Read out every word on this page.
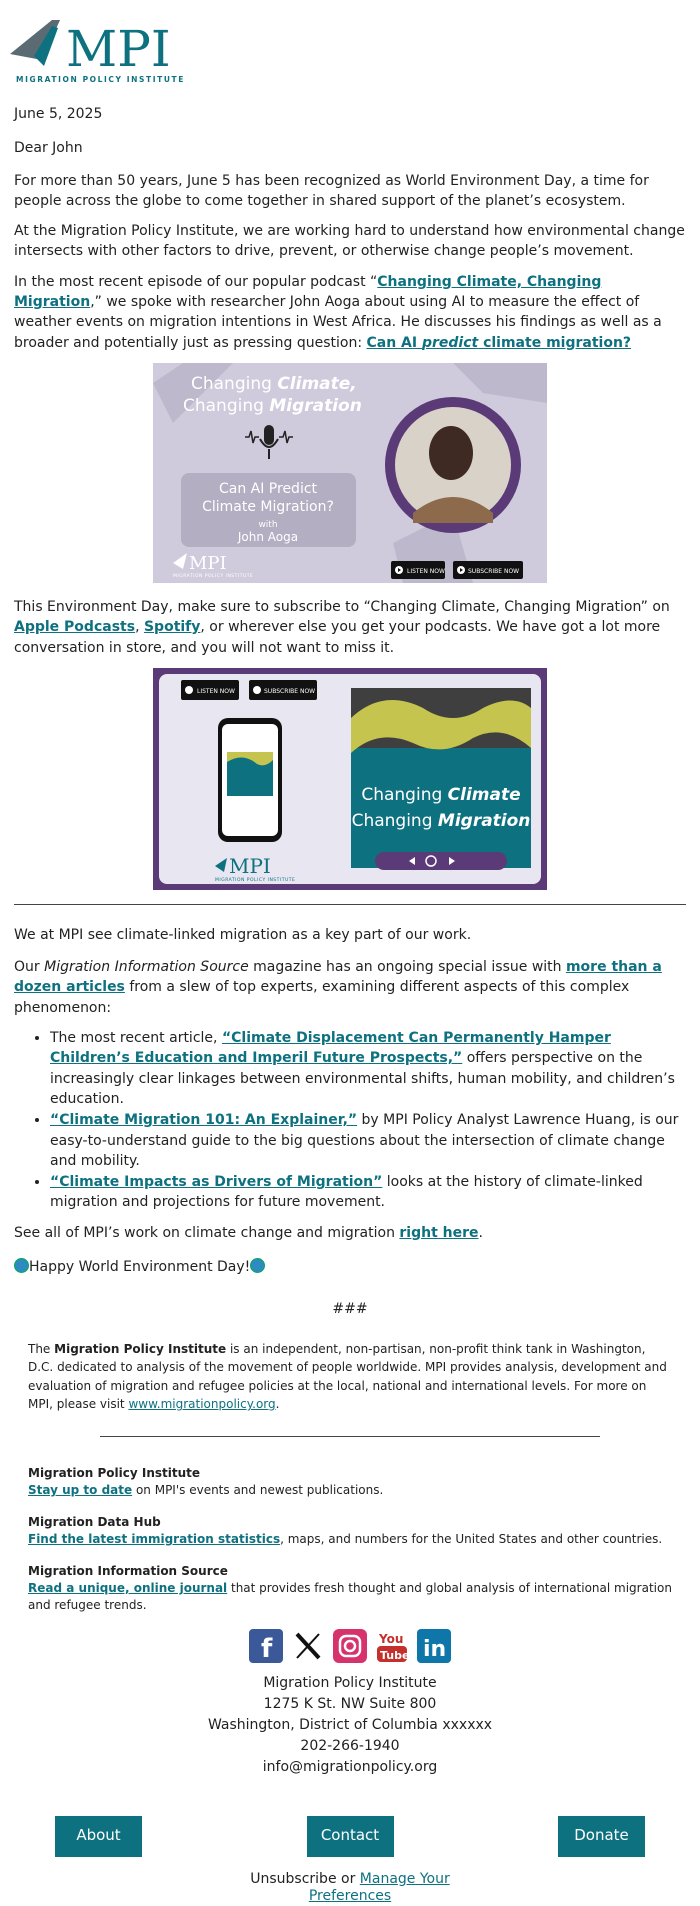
MPI
MIGRATION POLICY INSTITUTE

June 5, 2025

Dear John

For more than 50 years, June 5 has been recognized as World Environment Day, a time for people across the globe to come together in shared support of the planet’s ecosystem.

At the Migration Policy Institute, we are working hard to understand how environmental change intersects with other factors to drive, prevent, or otherwise change people’s movement.

In the most recent episode of our popular podcast “Changing Climate, Changing Migration,” we spoke with researcher John Aoga about using AI to measure the effect of weather events on migration intentions in West Africa. He discusses his findings as well as a broader and potentially just as pressing question: Can AI predict climate migration?

Changing Climate,
Changing Migration
Can AI Predict Climate Migration?
with
John Aoga
MPI
MIGRATION POLICY INSTITUTE
LISTEN NOW	SUBSCRIBE NOW

This Environment Day, make sure to subscribe to “Changing Climate, Changing Migration” on Apple Podcasts, Spotify, or wherever else you get your podcasts. We have got a lot more conversation in store, and you will not want to miss it.

LISTEN NOW	SUBSCRIBE NOW
MPI
MIGRATION POLICY INSTITUTE
Changing Climate
Changing Migration

We at MPI see climate-linked migration as a key part of our work.

Our Migration Information Source magazine has an ongoing special issue with more than a dozen articles from a slew of top experts, examining different aspects of this complex phenomenon:

• The most recent article, “Climate Displacement Can Permanently Hamper Children’s Education and Imperil Future Prospects,” offers perspective on the increasingly clear linkages between environmental shifts, human mobility, and children’s education.
• “Climate Migration 101: An Explainer,” by MPI Policy Analyst Lawrence Huang, is our easy-to-understand guide to the big questions about the intersection of climate change and mobility.
• “Climate Impacts as Drivers of Migration” looks at the history of climate-linked migration and projections for future movement.

See all of MPI’s work on climate change and migration right here.

Happy World Environment Day!

###

The Migration Policy Institute is an independent, non-partisan, non-profit think tank in Washington, D.C. dedicated to analysis of the movement of people worldwide. MPI provides analysis, development and evaluation of migration and refugee policies at the local, national and international levels. For more on MPI, please visit www.migrationpolicy.org.
Migration Policy Institute
Stay up to date on MPI's events and newest publications.
Migration Data Hub
Find the latest immigration statistics, maps, and numbers for the United States and other countries.
Migration Information Source
Read a unique, online journal that provides fresh thought and global analysis of international migration and refugee trends.
f	You
Tube in
Migration Policy Institute
1275 K St. NW Suite 800
Washington, District of Columbia xxxxxx
202-266-1940
info@migrationpolicy.org
About	Contact	Donate
Unsubscribe or Manage Your
Preferences
